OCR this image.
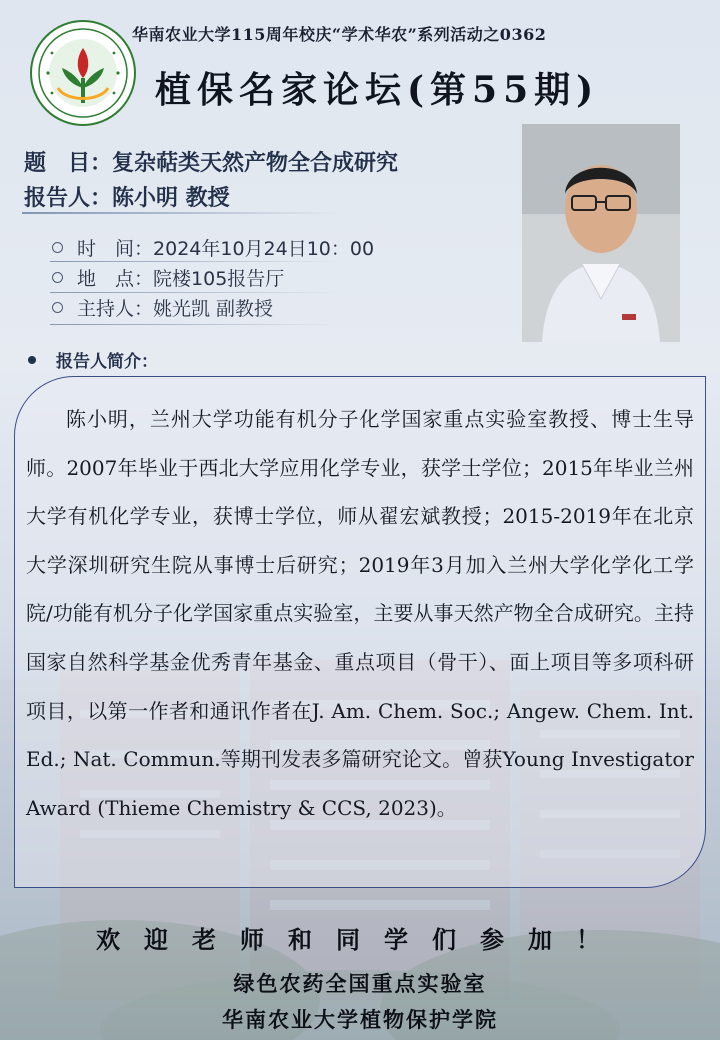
华南农业大学115周年校庆“学术华农”系列活动之0362
植保名家论坛(第55期)
题　目：复杂萜类天然产物全合成研究
报告人：陈小明 教授
时　间： 2024年10月24日10：00
地　点： 院楼105报告厅
主持人： 姚光凯 副教授
报告人简介：
陈小明，兰州大学功能有机分子化学国家重点实验室教授、博士生导师。2007年毕业于西北大学应用化学专业，获学士学位；2015年毕业兰州大学有机化学专业，获博士学位，师从翟宏斌教授；2015-2019年在北京大学深圳研究生院从事博士后研究；2019年3月加入兰州大学化学化工学院/功能有机分子化学国家重点实验室，主要从事天然产物全合成研究。主持国家自然科学基金优秀青年基金、重点项目（骨干）、面上项目等多项科研项目，以第一作者和通讯作者在J. Am. Chem. Soc.; Angew. Chem. Int. Ed.; Nat. Commun.等期刊发表多篇研究论文。曾获Young Investigator Award (Thieme Chemistry & CCS, 2023)。
欢迎老师和同学们参加！
绿色农药全国重点实验室
华南农业大学植物保护学院
